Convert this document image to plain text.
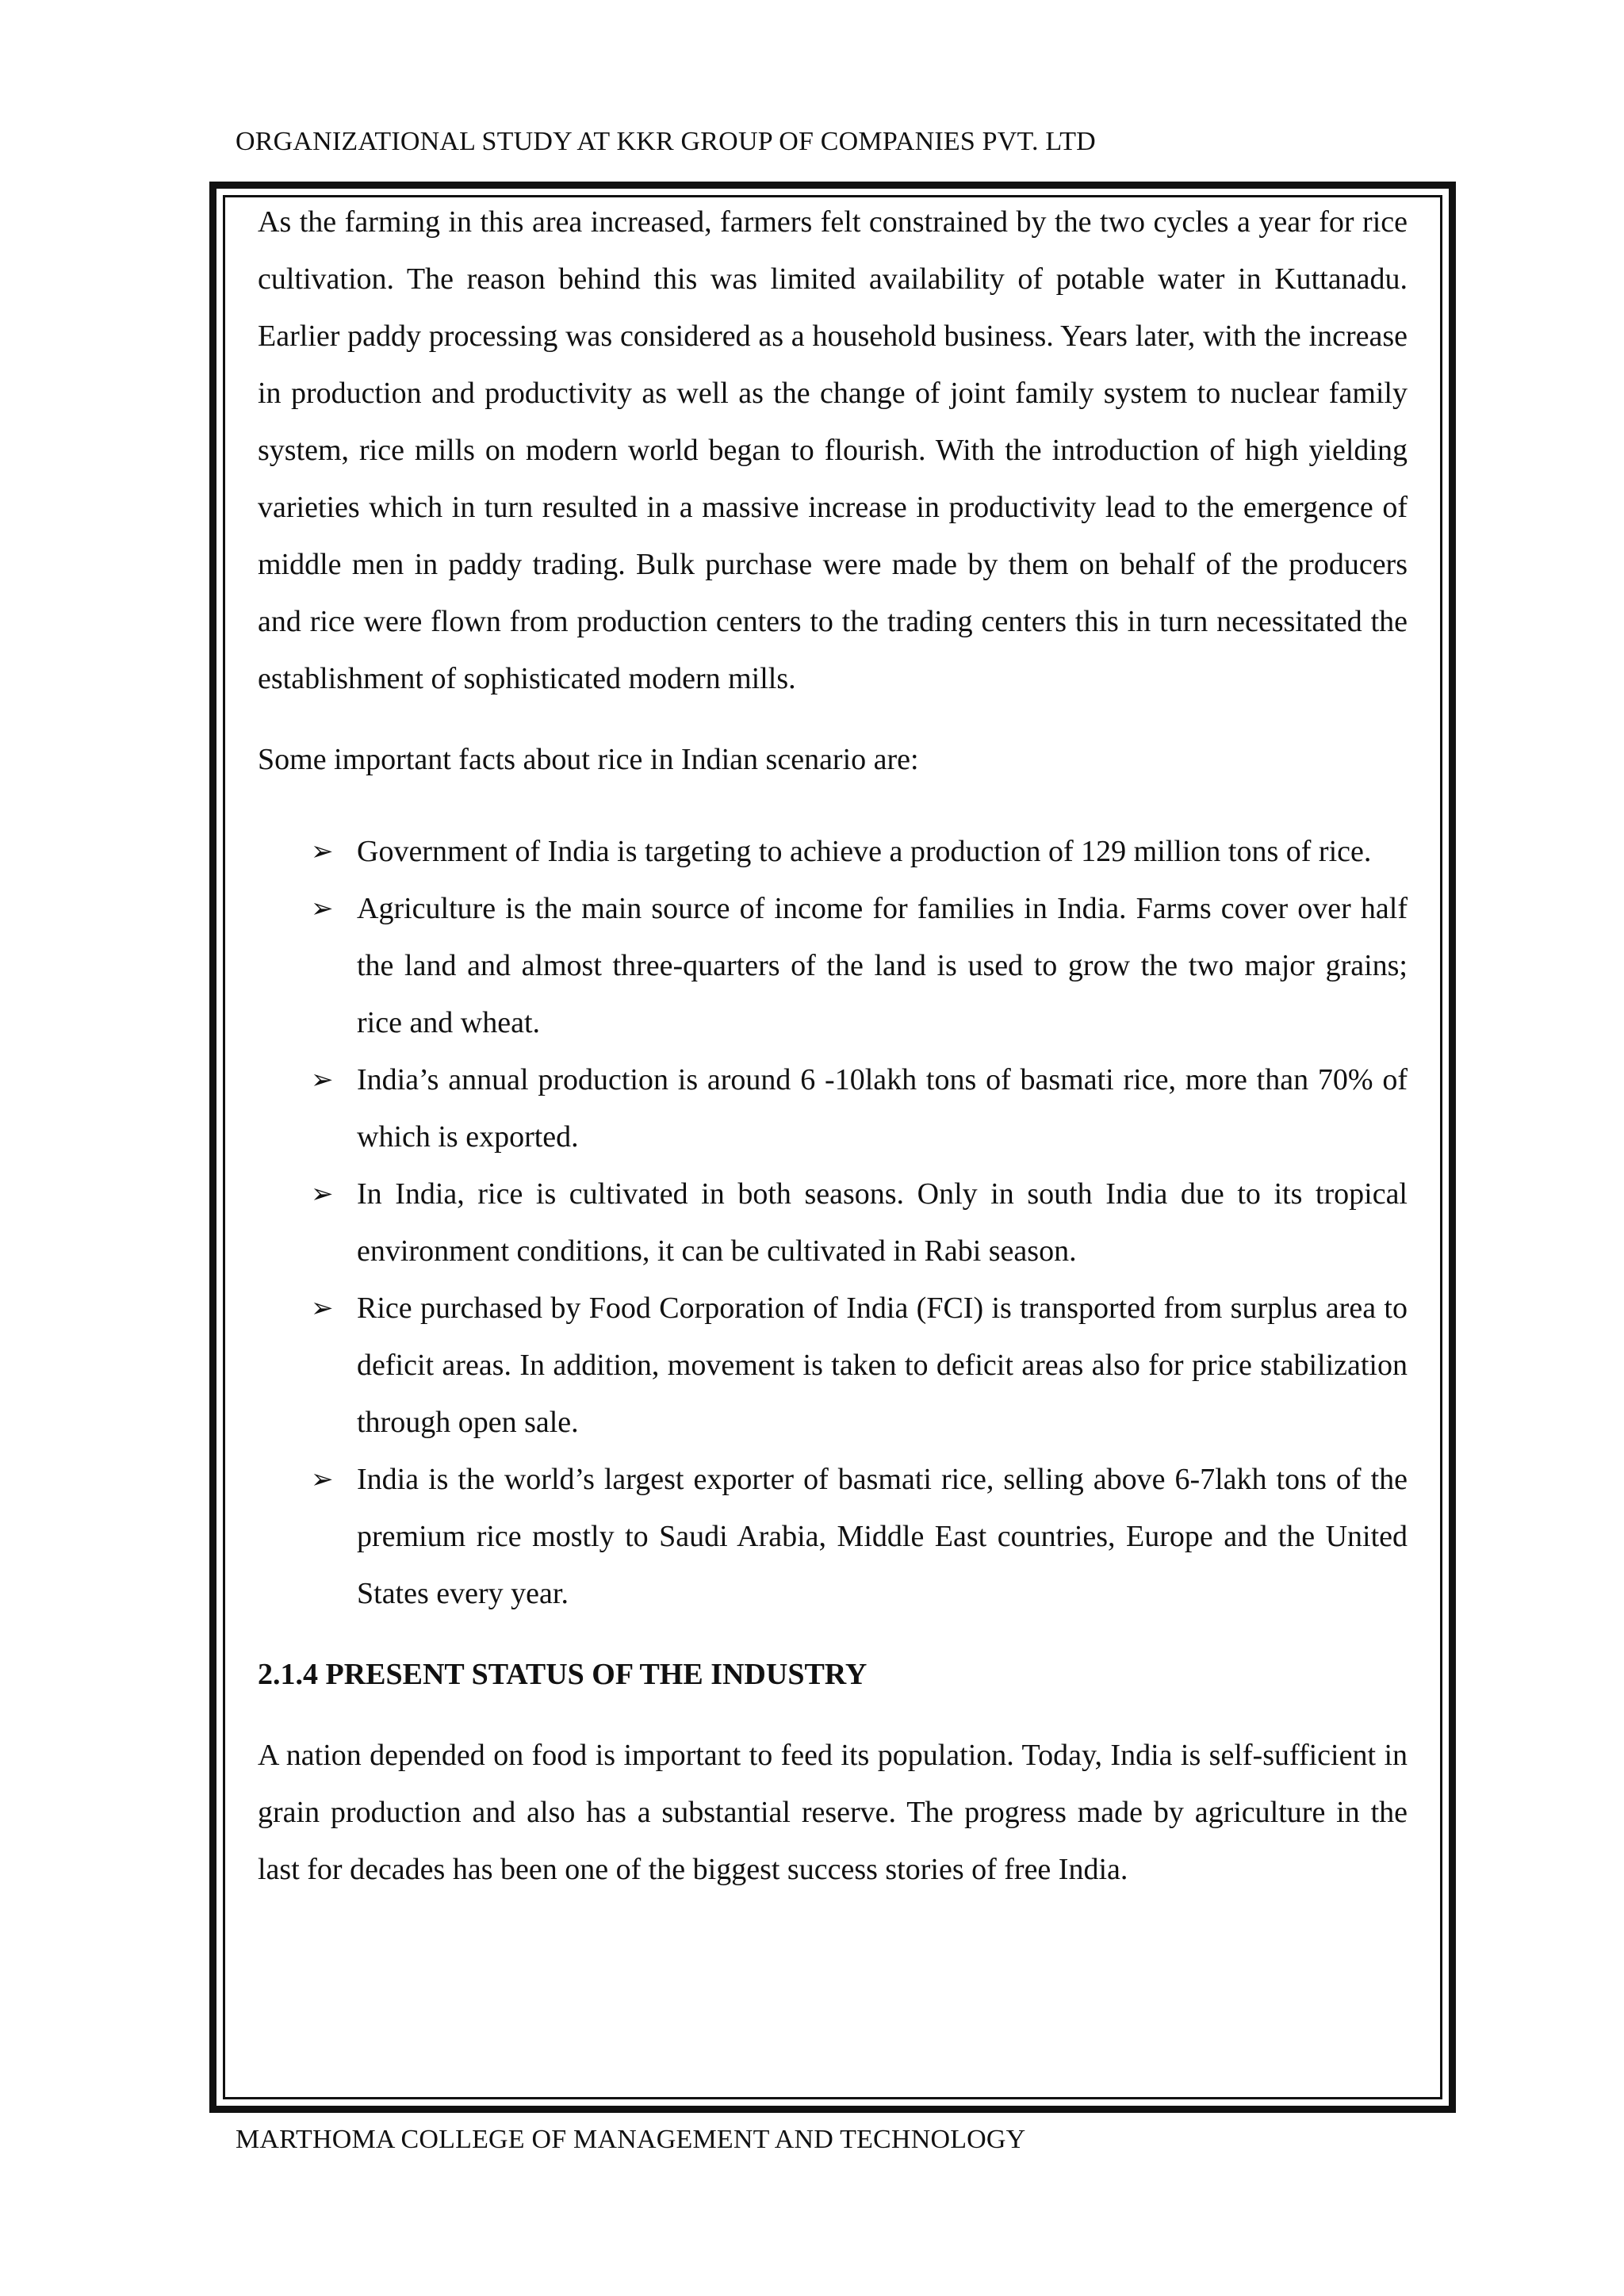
ORGANIZATIONAL STUDY AT KKR GROUP OF COMPANIES PVT. LTD

As the farming in this area increased, farmers felt constrained by the two cycles a year for rice cultivation. The reason behind this was limited availability of potable water in Kuttanadu. Earlier paddy processing was considered as a household business. Years later, with the increase in production and productivity as well as the change of joint family system to nuclear family system, rice mills on modern world began to flourish. With the introduction of high yielding varieties which in turn resulted in a massive increase in productivity lead to the emergence of middle men in paddy trading. Bulk purchase were made by them on behalf of the producers and rice were flown from production centers to the trading centers this in turn necessitated the establishment of sophisticated modern mills.

Some important facts about rice in Indian scenario are:

➢ Government of India is targeting to achieve a production of 129 million tons of rice.
➢ Agriculture is the main source of income for families in India. Farms cover over half the land and almost three-quarters of the land is used to grow the two major grains; rice and wheat.
➢ India’s annual production is around 6 -10lakh tons of basmati rice, more than 70% of which is exported.
➢ In India, rice is cultivated in both seasons. Only in south India due to its tropical environment conditions, it can be cultivated in Rabi season.
➢ Rice purchased by Food Corporation of India (FCI) is transported from surplus area to deficit areas. In addition, movement is taken to deficit areas also for price stabilization through open sale.
➢ India is the world’s largest exporter of basmati rice, selling above 6-7lakh tons of the premium rice mostly to Saudi Arabia, Middle East countries, Europe and the United States every year.
2.1.4 PRESENT STATUS OF THE INDUSTRY

A nation depended on food is important to feed its population. Today, India is self-sufficient in grain production and also has a substantial reserve. The progress made by agriculture in the last for decades has been one of the biggest success stories of free India.

MARTHOMA COLLEGE OF MANAGEMENT AND TECHNOLOGY
